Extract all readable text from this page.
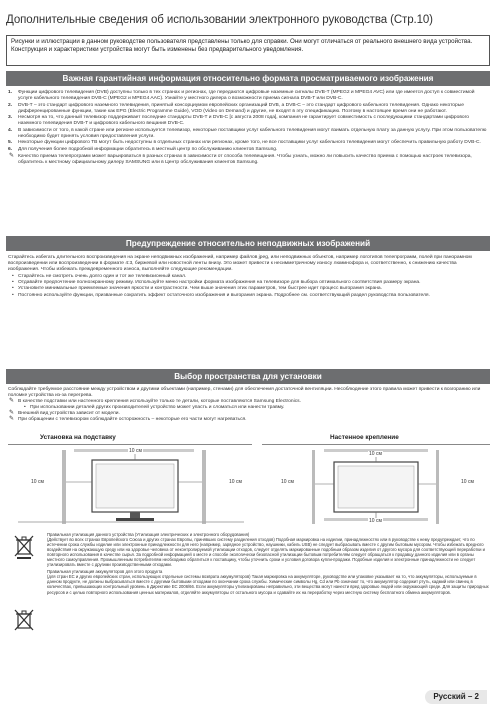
Дополнительные сведения об использовании электронного руководства (Стр.10)
Рисунки и иллюстрации в данном руководстве пользователя представлены только для справки. Они могут отличаться от реального внешнего вида устройства. Конструкция и характеристики устройства могут быть изменены без предварительного уведомления.
Важная гарантийная информация относительно формата просматриваемого изображения
1. Функции цифрового телевидения (DVB) доступны только в тех странах и регионах, где передаются цифровые наземные сигналы DVB-T (MPEG2 и MPEG4 AVC) или где имеется доступ к совместимой услуге кабельного телевидения DVB-C (MPEG2 и MPEG4 AAC). Узнайте у местного дилера о возможности приема сигнала DVB-T или DVB-C.
2. DVB-T – это стандарт цифрового наземного телевидения, принятый консорциумом европейских организаций DVB, а DVB-C – это стандарт цифрового кабельного телевидения. Однако некоторые дифференцированные функции, такие как EPG (Electric Programme Guide), VOD (Video on Demand) и другие, не входят в эту спецификацию. Поэтому в настоящее время они не работают.
3. Несмотря на то, что данный телевизор поддерживает последние стандарты DVB-T и DVB-C [с августа 2008 года], компания не гарантирует совместимость с последующими стандартами цифрового наземного телевидения DVB-T и цифрового кабельного вещания DVB-C.
4. В зависимости от того, в какой стране или регионе используется телевизор, некоторые поставщики услуг кабельного телевидения могут взимать отдельную плату за данную услугу. При этом пользователю необходимо будет принять условия предоставления услуги.
5. Некоторые функции цифрового ТВ могут быть недоступны в отдельных странах или регионах, кроме того, не все поставщики услуг кабельного телевидения могут обеспечить правильную работу DVB-C.
6. Для получения более подробной информации обратитесь в местный центр по обслуживанию клиентов Samsung.
✎ Качество приема телепрограмм может варьироваться в разных странах в зависимости от способа телевещания. Чтобы узнать, можно ли повысить качество приема с помощью настроек телевизора, обратитесь к местному официальному дилеру SAMSUNG или в Центр обслуживания клиентов Samsung.
Предупреждение относительно неподвижных изображений
Старайтесь избегать длительного воспроизведения на экране неподвижных изображений, например файлов jpeg, или неподвижных объектов, например логотипов телепрограмм, полей при панорамном воспроизведении или воспроизведении в формате 4:3, биржевой или новостной ленты внизу. Это может привести к несимметричному износу люминофора и, соответственно, к снижению качества изображения. Чтобы избежать преждевременного износа, выполняйте следующие рекомендации.
• Старайтесь не смотреть очень долго один и тот же телевизионный канал.
• Отдавайте предпочтение полноэкранному режиму. Используйте меню настройки формата изображения на телевизоре для выбора оптимального соответствия размеру экрана.
• Установите минимальные приемлемые значения яркости и контрастности. Чем выше значения этих параметров, тем быстрее идет процесс выгорания экрана.
• Постоянно используйте функции, призванные сократить эффект остаточного изображения и выгорания экрана. Подробнее см. соответствующий раздел руководства пользователя.
Выбор пространства для установки
Соблюдайте требуемое расстояние между устройством и другими объектами (например, стенами) для обеспечения достаточной вентиляции. Несоблюдение этого правила может привести к возгоранию или поломке устройства из-за перегрева.
✎ В качестве подставки или настенного крепления используйте только те детали, которые поставляются Samsung Electronics.
• При использовании деталей других производителей устройство может упасть и сломаться или нанести травму.
✎ Внешний вид устройства зависит от модели.
✎ При обращении с телевизором соблюдайте осторожность – некоторые его части могут нагреваться.
Установка на подставку	Настенное крепление
10 см
10 см
10 см	10 см
10 см
10 см
10 см

Правильная утилизация данного устройства (Утилизация электрических и электронного оборудования)
(Действует во всех странах Европейского Союза и других странах Европы, принявших систему разделения отходов) Подобная маркировка на изделии, принадлежностях или в руководстве к нему предупреждает, что по истечении срока службы изделие или электронные принадлежности для него (например, зарядное устройство, наушники, кабель USB) не следует выбрасывать вместе с другим бытовым мусором. Чтобы избежать вредного воздействия на окружающую среду или на здоровье человека от неконтролируемой утилизации отходов, следует отделять маркированные подобным образом изделия от другого мусора для соответствующей переработки и повторного использования в качестве сырья. За подробной информацией о месте и способе экологически безопасной утилизации бытовым потребителям следует обращаться к продавцу данного изделия или в органы местного самоуправления. Промышленным потребителям необходимо обратиться к поставщику, чтобы уточнить сроки и условия договора купли-продажи. Подобные изделия и электронные принадлежности не следует утилизировать вместе с другими производственными отходами.

Правильная утилизация аккумуляторов для этого продукта
(для стран ЕС и других европейских стран, использующих отдельные системы возврата аккумуляторов) Такая маркировка на аккумуляторе, руководстве или упаковке указывает на то, что аккумуляторы, используемые в данном продукте, не должны выбрасываться вместе с другими бытовыми отходами по окончании срока службы. Химические символы Hg, Cd или Pb означают то, что аккумулятор содержит ртуть, кадмий или свинец в количествах, превышающих контрольный уровень в Директиве ЕС 2006/66. Если аккумуляторы утилизированы неправильно, эти вещества могут нанести вред здоровью людей или окружающей среде. Для защиты природных ресурсов и с целью повторного использования ценных материалов, отделяйте аккумуляторы от остального мусора и сдавайте их на переработку через местную систему бесплатного обмена аккумуляторов.

Русский – 2
